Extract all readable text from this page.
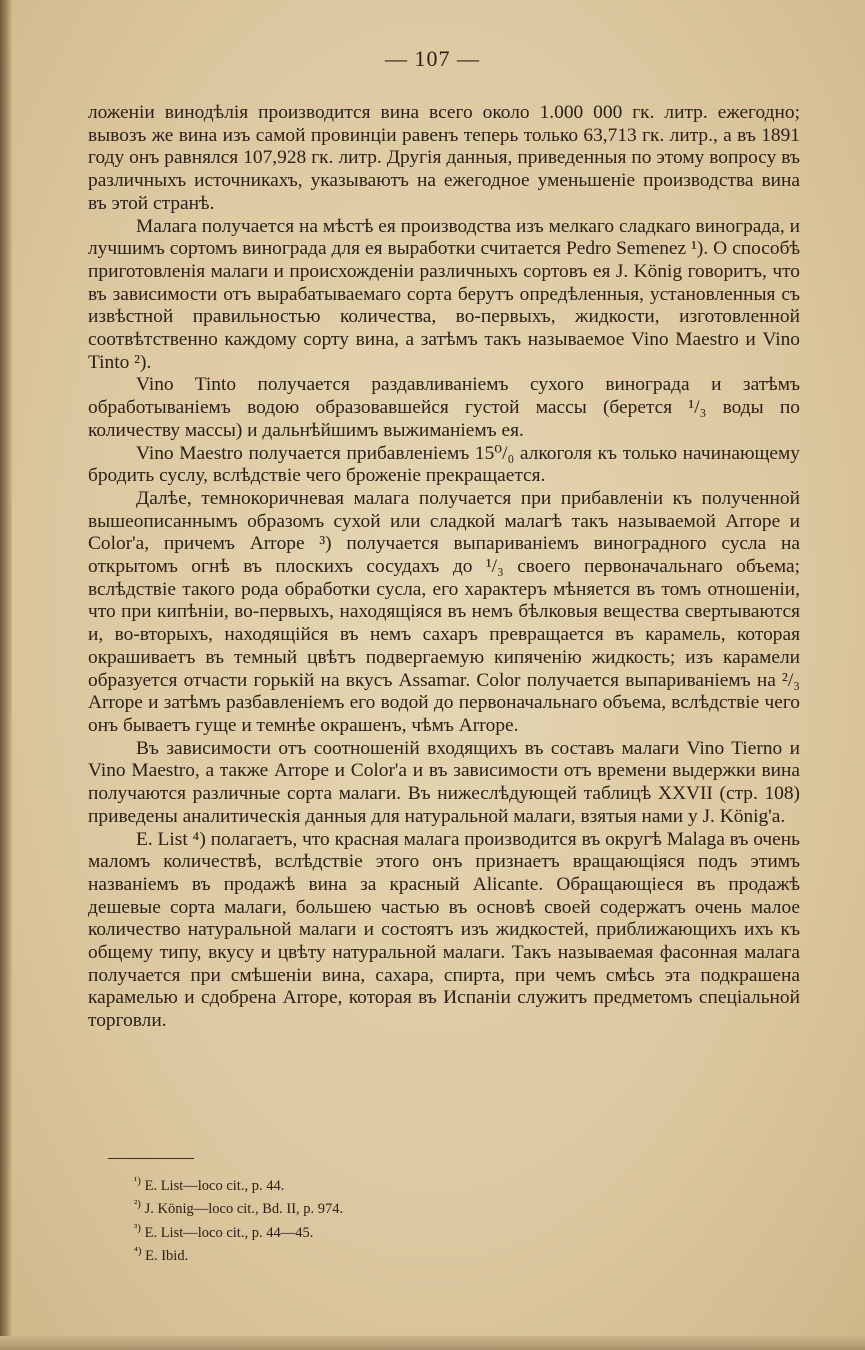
— 107 —

ложеніи винодѣлія производится вина всего около 1.000 000 гк. литр. ежегодно; вывозъ же вина изъ самой провинціи равенъ теперь только 63,713 гк. литр., а въ 1891 году онъ равнялся 107,928 гк. литр. Другія данныя, приведенныя по этому вопросу въ различныхъ источникахъ, указываютъ на ежегодное уменьшеніе производства вина въ этой странѣ.

Малага получается на мѣстѣ ея производства изъ мелкаго сладкаго винограда, и лучшимъ сортомъ винограда для ея выработки считается Pedro Semenez ¹). О способѣ приготовленія малаги и происхожденіи различныхъ сортовъ ея J. König говоритъ, что въ зависимости отъ вырабатываемаго сорта берутъ опредѣленныя, установленныя съ извѣстной правильностью количества, во-первыхъ, жидкости, изготовленной соотвѣтственно каждому сорту вина, а затѣмъ такъ называемое Vino Maestro и Vino Tinto ²).

Vino Tinto получается раздавливаніемъ сухого винограда и затѣмъ обработываніемъ водою образовавшейся густой массы (берется ¹/₃ воды по количеству массы) и дальнѣйшимъ выжиманіемъ ея.

Vino Maestro получается прибавленіемъ 15⁰/₀ алкоголя къ только начинающему бродить суслу, вслѣдствіе чего броженіе прекращается.

Далѣе, темнокоричневая малага получается при прибавленіи къ полученной вышеописаннымъ образомъ сухой или сладкой малагѣ такъ называемой Arrope и Color'а, причемъ Arrope ³) получается выпариваніемъ виноградного сусла на открытомъ огнѣ въ плоскихъ сосудахъ до ¹/₃ своего первоначальнаго объема; вслѣдствіе такого рода обработки сусла, его характеръ мѣняется въ томъ отношеніи, что при кипѣніи, во-первыхъ, находящіяся въ немъ бѣлковыя вещества свертываются и, во-вторыхъ, находящійся въ немъ сахаръ превращается въ карамель, которая окрашиваетъ въ темный цвѣтъ подвергаемую кипяченію жидкость; изъ карамели образуется отчасти горькій на вкусъ Assamar. Color получается выпариваніемъ на ²/₃ Arrope и затѣмъ разбавленіемъ его водой до первоначальнаго объема, вслѣдствіе чего онъ бываетъ гуще и темнѣе окрашенъ, чѣмъ Arrope.

Въ зависимости отъ соотношеній входящихъ въ составъ малаги Vino Tierno и Vino Maestro, а также Arrope и Color'а и въ зависимости отъ времени выдержки вина получаются различные сорта малаги. Въ нижеслѣдующей таблицѣ XXVII (стр. 108) приведены аналитическія данныя для натуральной малаги, взятыя нами у J. König'а.

E. List ⁴) полагаетъ, что красная малага производится въ округѣ Malaga въ очень маломъ количествѣ, вслѣдствіе этого онъ признаетъ вращающіяся подъ этимъ названіемъ въ продажѣ вина за красный Alicante. Обращающіеся въ продажѣ дешевые сорта малаги, большею частью въ основѣ своей содержатъ очень малое количество натуральной малаги и состоятъ изъ жидкостей, приближающихъ ихъ къ общему типу, вкусу и цвѣту натуральной малаги. Такъ называемая фасонная малага получается при смѣшеніи вина, сахара, спирта, при чемъ смѣсь эта подкрашена карамелью и сдобрена Arrope, которая въ Испаніи служитъ предметомъ спеціальной торговли.

$^{^1)}$ E. List—loco cit., p. 44.
$^{^2)}$ J. König—loco cit., Bd. II, p. 974.
$^{^3)}$ E. List—loco cit., p. 44—45.
$^{^4)}$ E. Ibid.
